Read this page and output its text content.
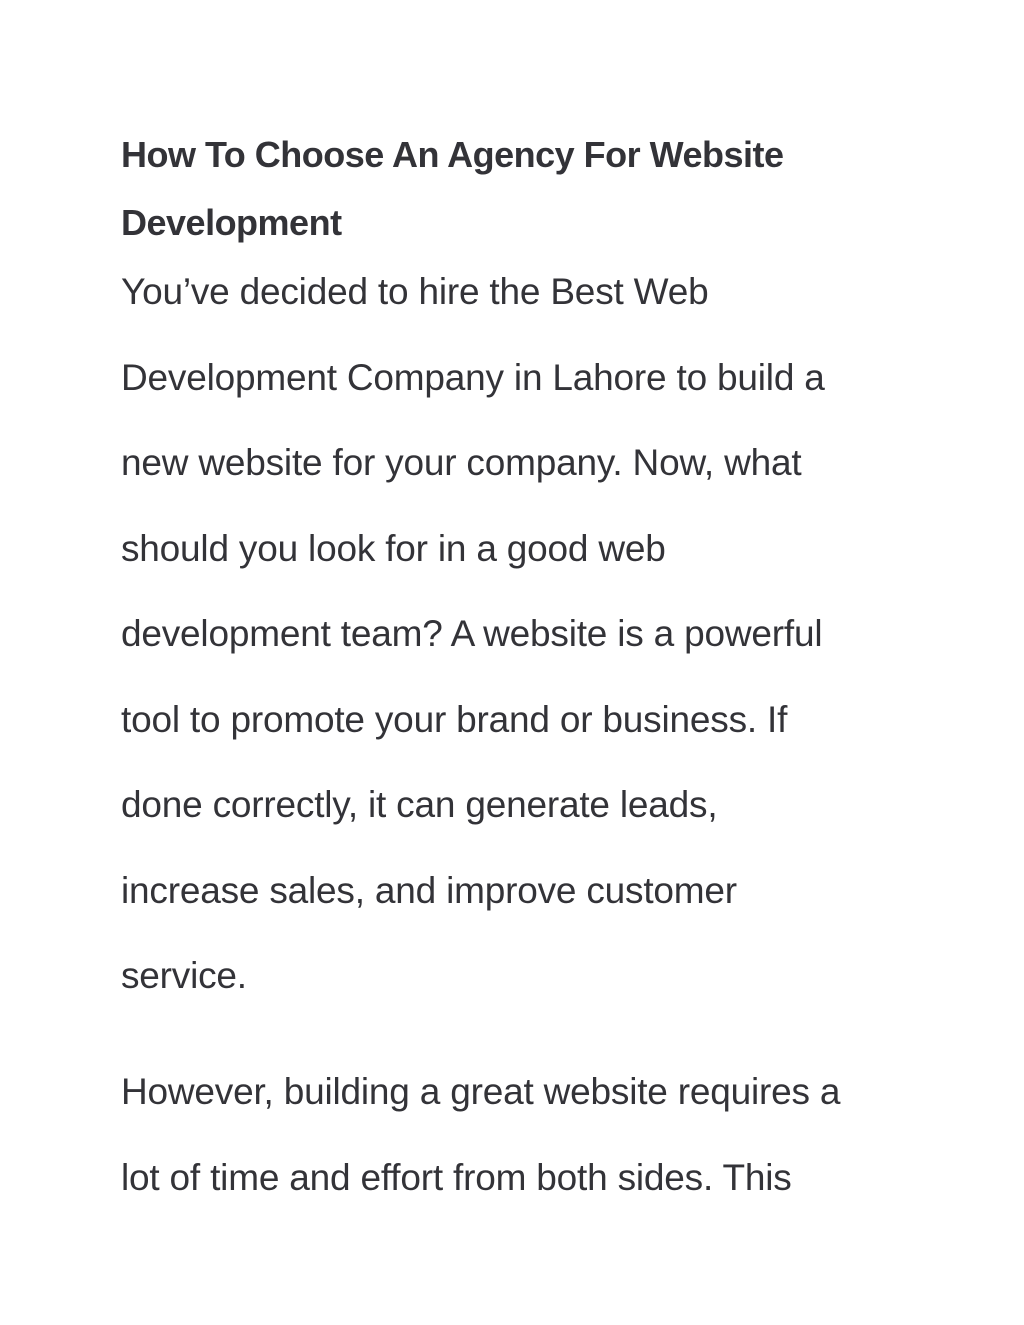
How To Choose An Agency For Website
Development

You’ve decided to hire the Best Web
Development Company in Lahore to build a
new website for your company. Now, what
should you look for in a good web
development team? A website is a powerful
tool to promote your brand or business. If
done correctly, it can generate leads,
increase sales, and improve customer
service.

However, building a great website requires a
lot of time and effort from both sides. This
